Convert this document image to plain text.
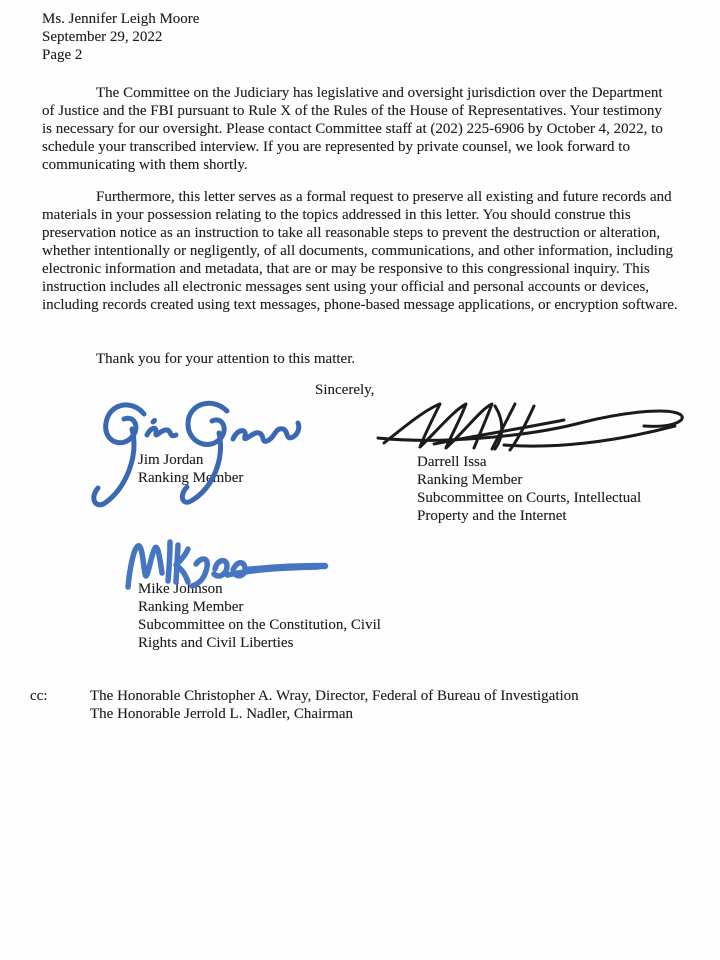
Ms. Jennifer Leigh Moore
September 29, 2022
Page 2

The Committee on the Judiciary has legislative and oversight jurisdiction over the Department of Justice and the FBI pursuant to Rule X of the Rules of the House of Representatives. Your testimony is necessary for our oversight. Please contact Committee staff at (202) 225-6906 by October 4, 2022, to schedule your transcribed interview. If you are represented by private counsel, we look forward to communicating with them shortly.

Furthermore, this letter serves as a formal request to preserve all existing and future records and materials in your possession relating to the topics addressed in this letter. You should construe this preservation notice as an instruction to take all reasonable steps to prevent the destruction or alteration, whether intentionally or negligently, of all documents, communications, and other information, including electronic information and metadata, that are or may be responsive to this congressional inquiry. This instruction includes all electronic messages sent using your official and personal accounts or devices, including records created using text messages, phone-based message applications, or encryption software.

Thank you for your attention to this matter.

Sincerely,
Jim Jordan
Ranking Member
Darrell Issa
Ranking Member
Subcommittee on Courts, Intellectual Property and the Internet
Mike Johnson
Ranking Member
Subcommittee on the Constitution, Civil Rights and Civil Liberties
cc:	The Honorable Christopher A. Wray, Director, Federal of Bureau of Investigation
The Honorable Jerrold L. Nadler, Chairman
